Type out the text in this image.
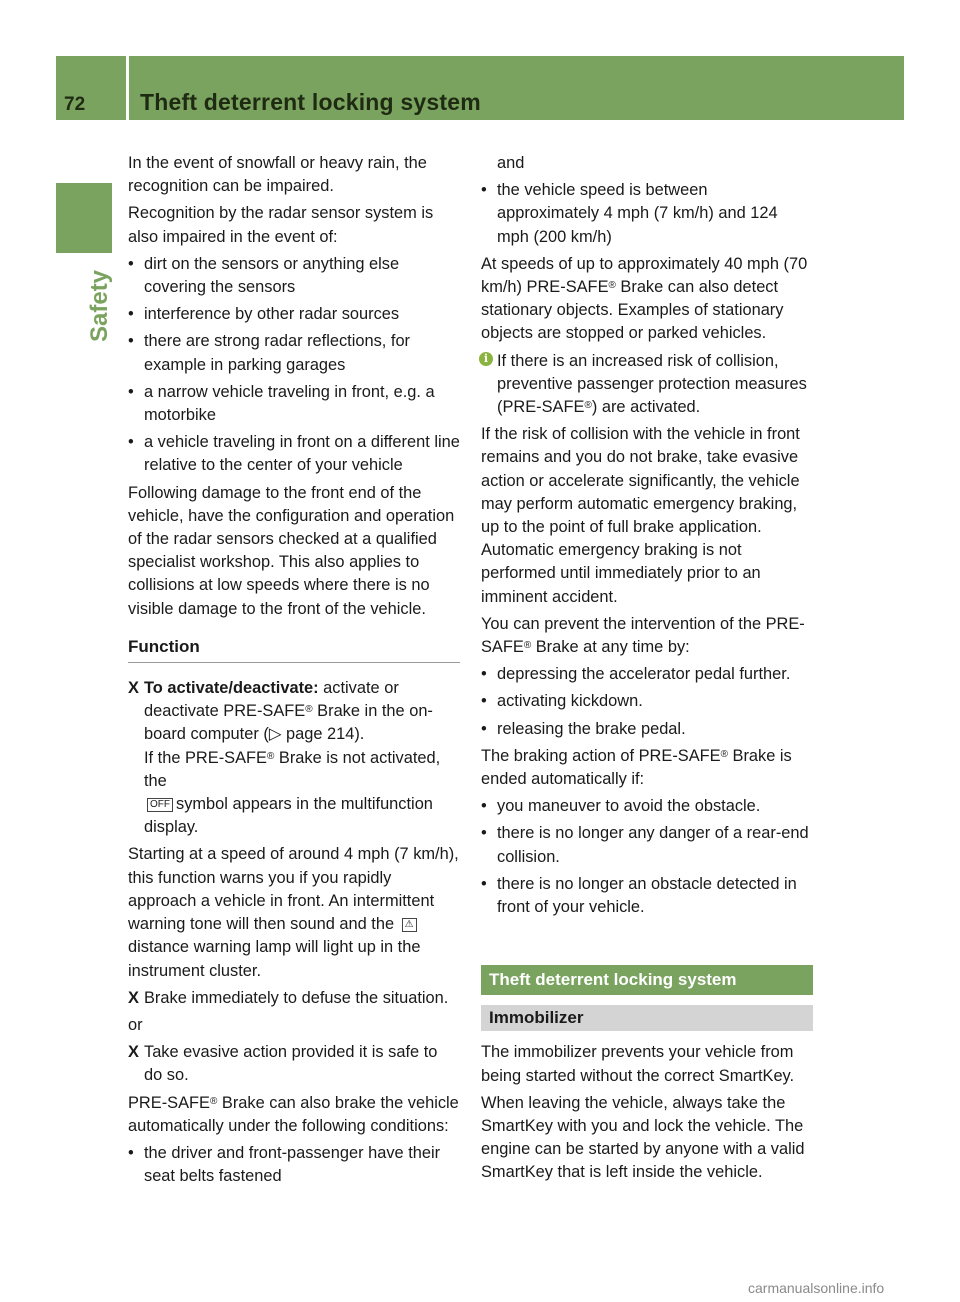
72 Theft deterrent locking system
Safety

In the event of snowfall or heavy rain, the recognition can be impaired.

Recognition by the radar sensor system is also impaired in the event of:

• dirt on the sensors or anything else covering the sensors
• interference by other radar sources
• there are strong radar reflections, for example in parking garages
• a narrow vehicle traveling in front, e.g. a motorbike
• a vehicle traveling in front on a different line relative to the center of your vehicle

Following damage to the front end of the vehicle, have the configuration and operation of the radar sensors checked at a qualified specialist workshop. This also applies to collisions at low speeds where there is no visible damage to the front of the vehicle.

Function
X To activate/deactivate: activate or deactivate PRE-SAFE® Brake in the on-board computer (▷ page 214).
If the PRE-SAFE® Brake is not activated, the
OFF symbol appears in the multifunction display.

Starting at a speed of around 4 mph (7 km/h), this function warns you if you rapidly approach a vehicle in front. An intermittent warning tone will then sound and the ⚠ distance warning lamp will light up in the instrument cluster.

X Brake immediately to defuse the situation.

or

X Take evasive action provided it is safe to do so.

PRE-SAFE® Brake can also brake the vehicle automatically under the following conditions:

• the driver and front-passenger have their seat belts fastened
and
• the vehicle speed is between approximately 4 mph (7 km/h) and 124 mph (200 km/h)

At speeds of up to approximately 40 mph (70 km/h) PRE-SAFE® Brake can also detect stationary objects. Examples of stationary objects are stopped or parked vehicles.

i If there is an increased risk of collision, preventive passenger protection measures (PRE-SAFE®) are activated.

If the risk of collision with the vehicle in front remains and you do not brake, take evasive action or accelerate significantly, the vehicle may perform automatic emergency braking, up to the point of full brake application. Automatic emergency braking is not performed until immediately prior to an imminent accident.

You can prevent the intervention of the PRE-SAFE® Brake at any time by:

• depressing the accelerator pedal further.
• activating kickdown.
• releasing the brake pedal.

The braking action of PRE-SAFE® Brake is ended automatically if:

• you maneuver to avoid the obstacle.
• there is no longer any danger of a rear-end collision.
• there is no longer an obstacle detected in front of your vehicle.
Theft deterrent locking system
Immobilizer

The immobilizer prevents your vehicle from being started without the correct SmartKey.

When leaving the vehicle, always take the SmartKey with you and lock the vehicle. The engine can be started by anyone with a valid SmartKey that is left inside the vehicle.

carmanualsonline.info
